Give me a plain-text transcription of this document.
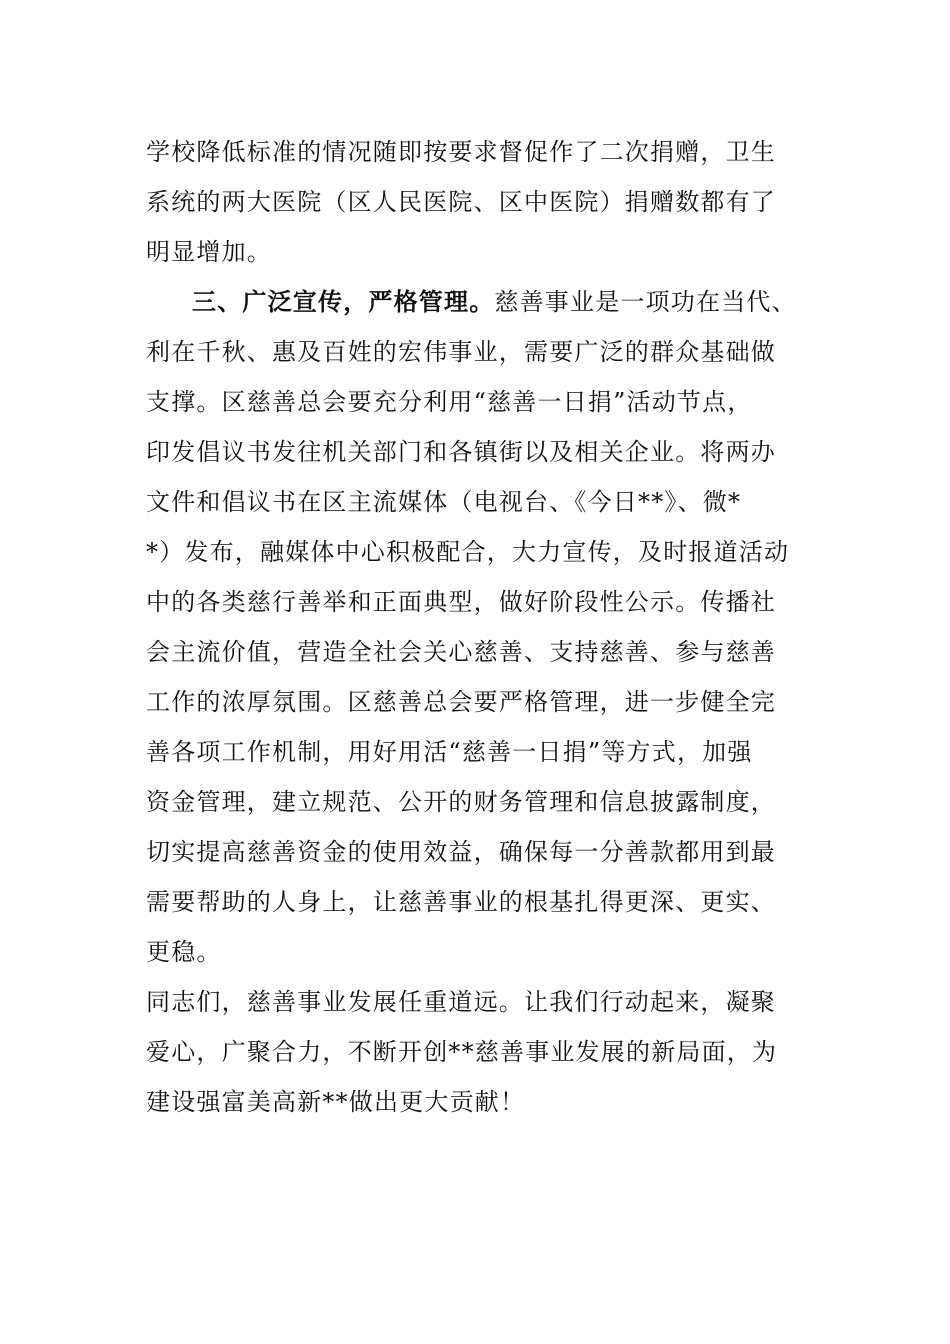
学校降低标准的情况随即按要求督促作了二次捐赠，卫生
系统的两大医院（区人民医院、区中医院）捐赠数都有了
明显增加。
三、广泛宣传，严格管理。慈善事业是一项功在当代、
利在千秋、惠及百姓的宏伟事业，需要广泛的群众基础做
支撑。区慈善总会要充分利用“慈善一日捐”活动节点，
印发倡议书发往机关部门和各镇街以及相关企业。将两办
文件和倡议书在区主流媒体（电视台、《今日**》、微*
*）发布，融媒体中心积极配合，大力宣传，及时报道活动
中的各类慈行善举和正面典型，做好阶段性公示。传播社
会主流价值，营造全社会关心慈善、支持慈善、参与慈善
工作的浓厚氛围。区慈善总会要严格管理，进一步健全完
善各项工作机制，用好用活“慈善一日捐”等方式，加强
资金管理，建立规范、公开的财务管理和信息披露制度，
切实提高慈善资金的使用效益，确保每一分善款都用到最
需要帮助的人身上，让慈善事业的根基扎得更深、更实、
更稳。
同志们，慈善事业发展任重道远。让我们行动起来，凝聚
爱心，广聚合力，不断开创**慈善事业发展的新局面，为
建设强富美高新**做出更大贡献！
